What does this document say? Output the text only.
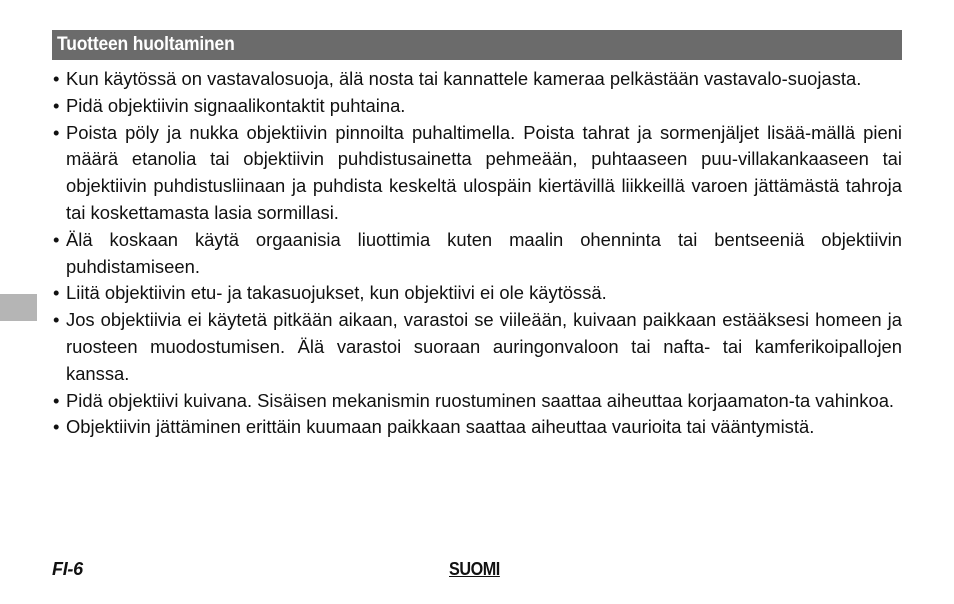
Tuotteen huoltaminen
• Kun käytössä on vastavalosuoja, älä nosta tai kannattele kameraa pelkästään vastavalo-suojasta.
• Pidä objektiivin signaalikontaktit puhtaina.
• Poista pöly ja nukka objektiivin pinnoilta puhaltimella. Poista tahrat ja sormenjäljet lisää-mällä pieni määrä etanolia tai objektiivin puhdistusainetta pehmeään, puhtaaseen puu-villakankaaseen tai objektiivin puhdistusliinaan ja puhdista keskeltä ulospäin kiertävillä liikkeillä varoen jättämästä tahroja tai koskettamasta lasia sormillasi.
• Älä koskaan käytä orgaanisia liuottimia kuten maalin ohenninta tai bentseeniä objektiivin puhdistamiseen.
• Liitä objektiivin etu- ja takasuojukset, kun objektiivi ei ole käytössä.
• Jos objektiivia ei käytetä pitkään aikaan, varastoi se viileään, kuivaan paikkaan estääksesi homeen ja ruosteen muodostumisen. Älä varastoi suoraan auringonvaloon tai nafta- tai kamferikoipallojen kanssa.
• Pidä objektiivi kuivana. Sisäisen mekanismin ruostuminen saattaa aiheuttaa korjaamaton-ta vahinkoa.
• Objektiivin jättäminen erittäin kuumaan paikkaan saattaa aiheuttaa vaurioita tai vääntymistä.
FI-6	SUOMI
